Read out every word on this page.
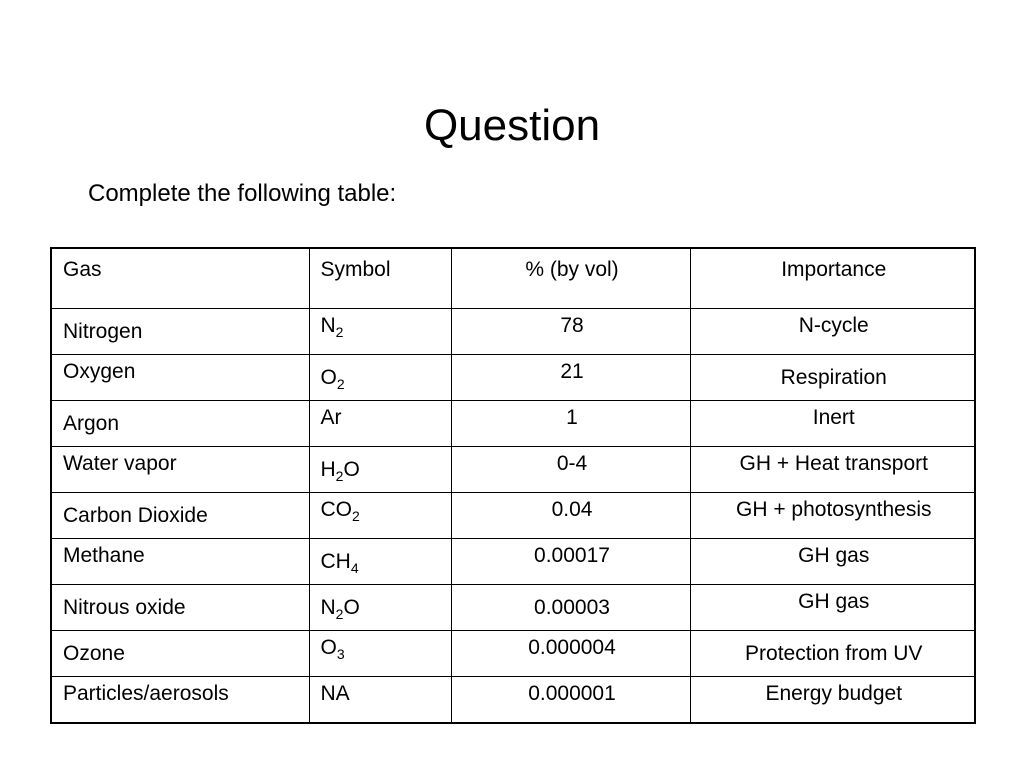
Question
Complete the following table:
Gas	Symbol	% (by vol)	Importance
Nitrogen	$N_2$	78	N-cycle
Oxygen	$O_2$	21	Respiration
Argon	Ar	1	Inert
Water vapor	$H_2O$	0-4	GH + Heat transport
Carbon Dioxide	$CO_2$	0.04	GH + photosynthesis
Methane	$CH_4$	0.00017	GH gas
Nitrous oxide	$N_2O$	0.00003	GH gas
Ozone	$O_3$	0.000004	Protection from UV
Particles/aerosols	NA	0.000001	Energy budget
